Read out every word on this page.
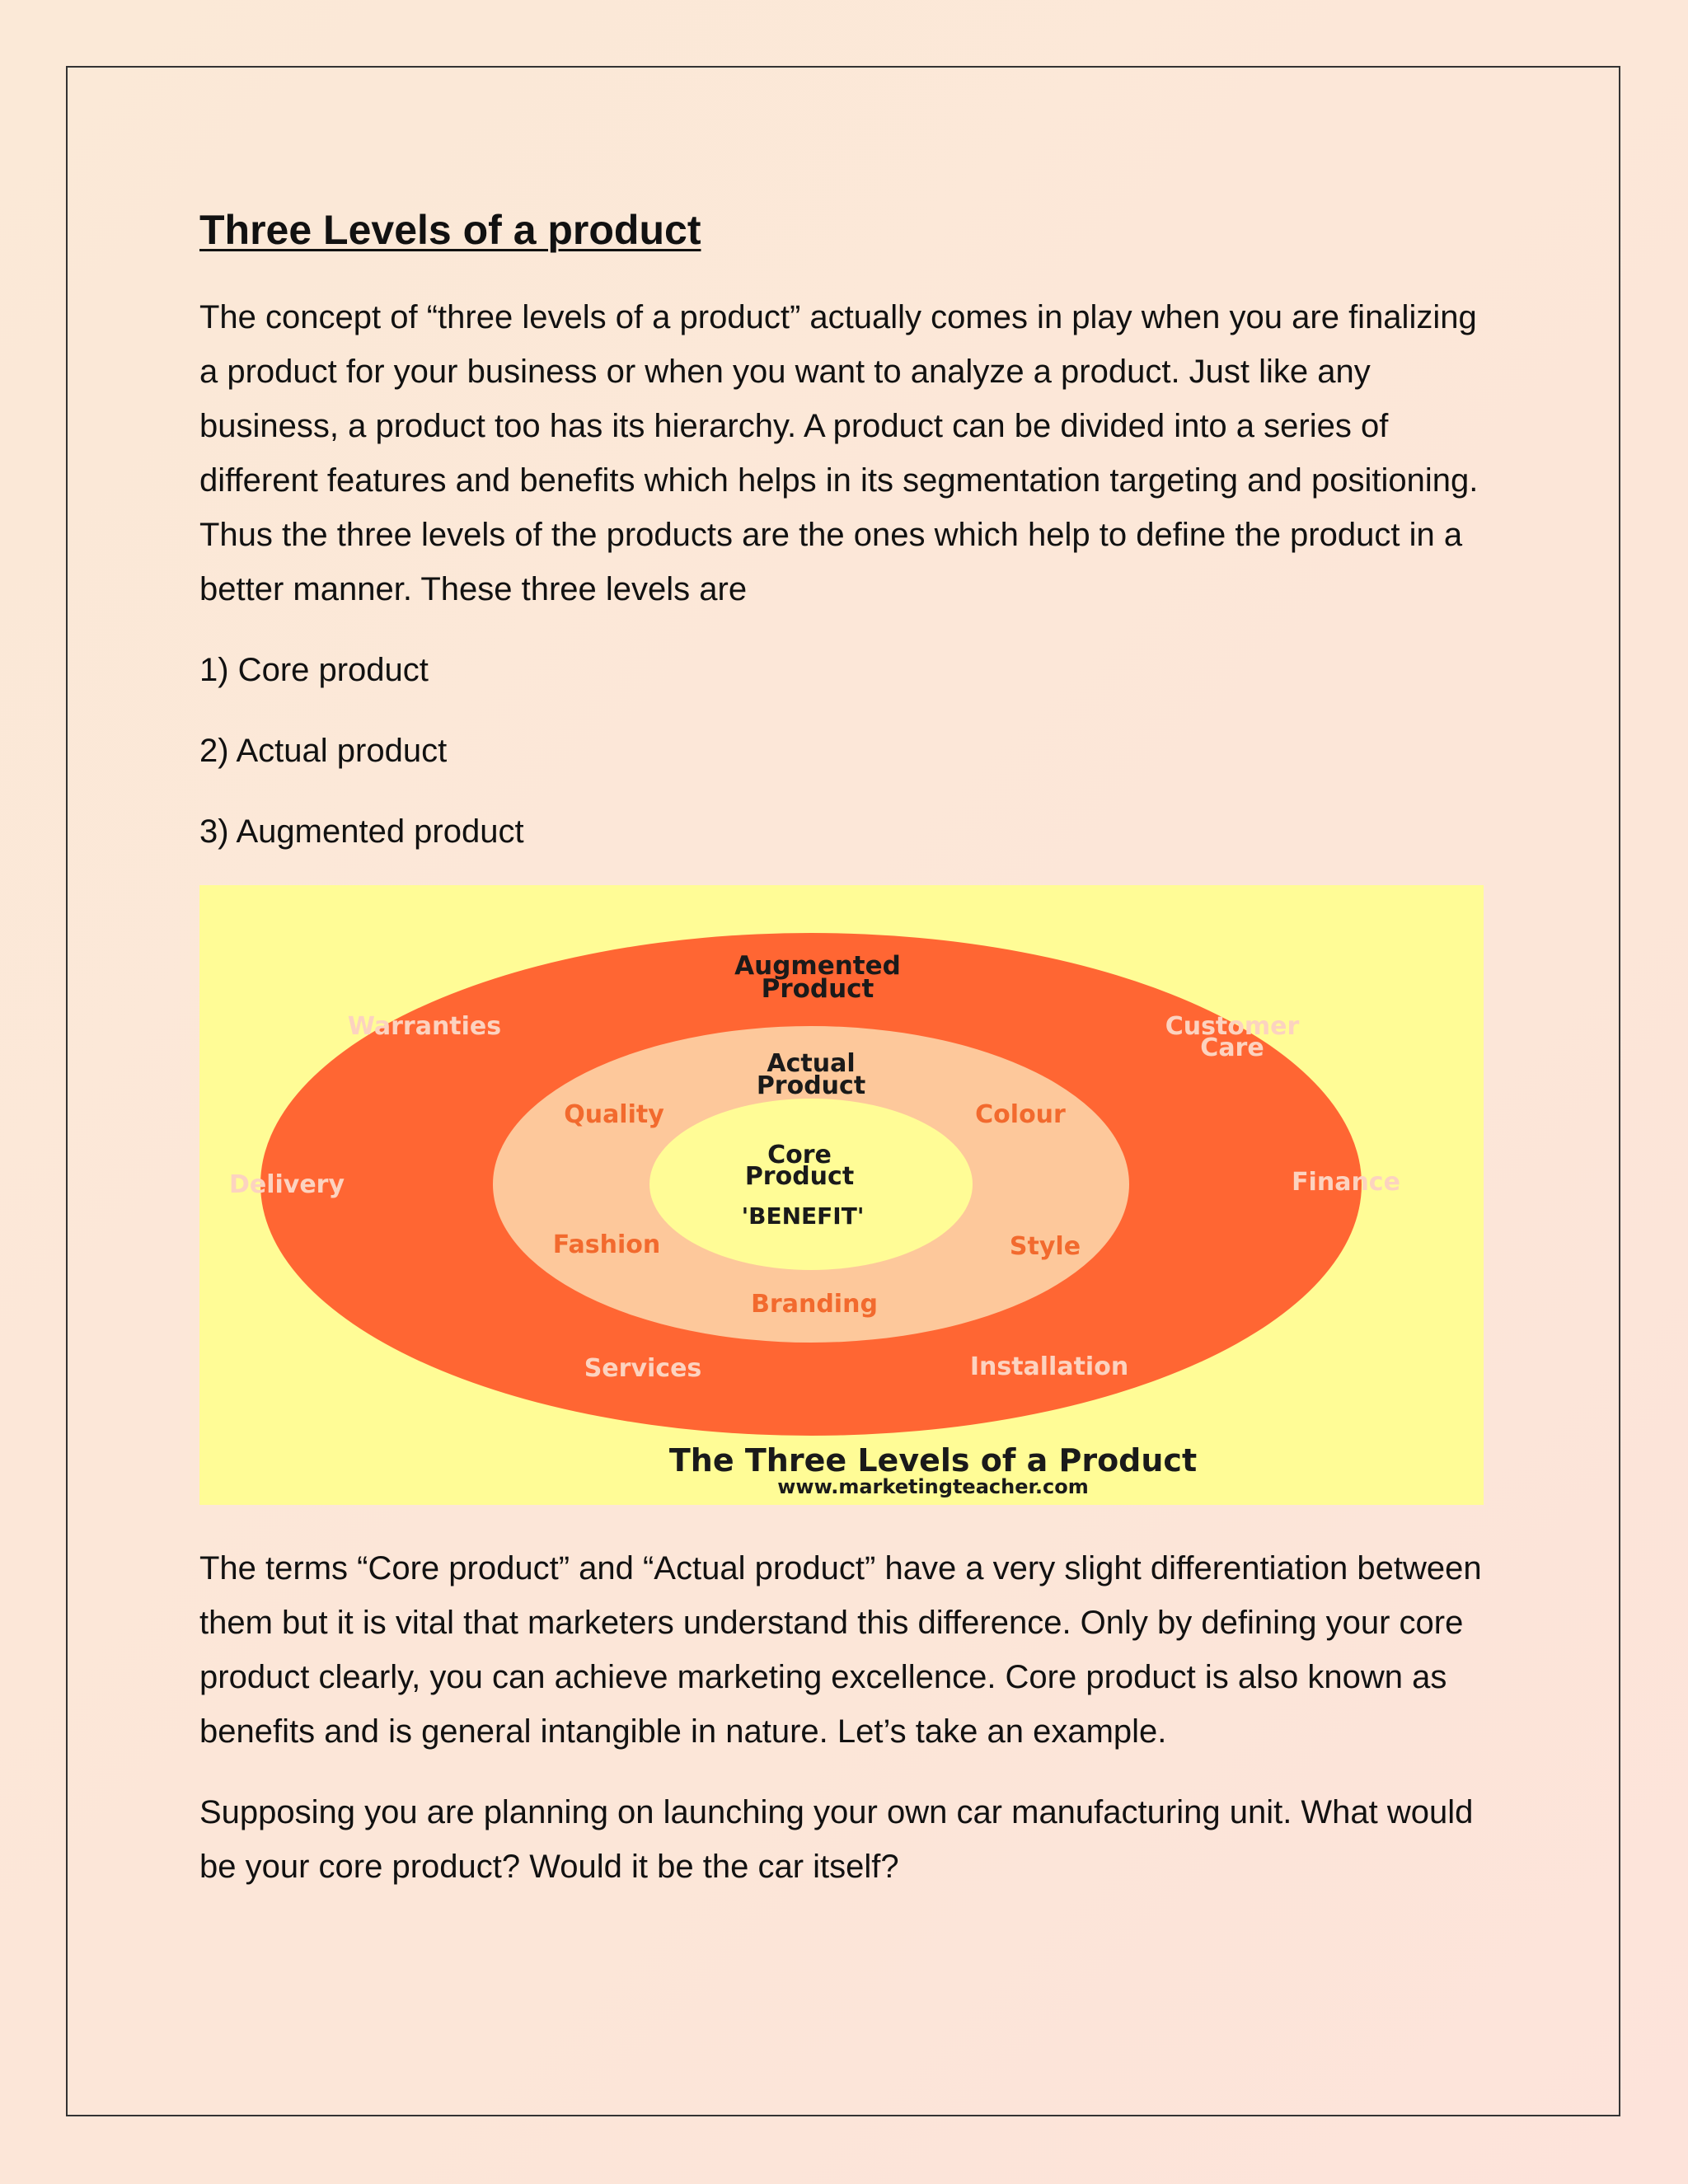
Three Levels of a product

The concept of “three levels of a product” actually comes in play when you are finalizing a product for your business or when you want to analyze a product. Just like any business, a product too has its hierarchy. A product can be divided into a series of different features and benefits which helps in its segmentation targeting and positioning. Thus the three levels of the products are the ones which help to define the product in a better manner. These three levels are

1) Core product
2) Actual product
3) Augmented product
Augmented
Product
Warranties	Customer
Care
Delivery	Finance
Services	Installation
Actual
Product
Quality	Colour
Fashion	Style
Branding
Core
Product
'BENEFIT'
The Three Levels of a Product
www.marketingteacher.com

The terms “Core product” and “Actual product” have a very slight differentiation between them but it is vital that marketers understand this difference. Only by defining your core product clearly, you can achieve marketing excellence. Core product is also known as benefits and is general intangible in nature. Let’s take an example.

Supposing you are planning on launching your own car manufacturing unit. What would be your core product? Would it be the car itself?
